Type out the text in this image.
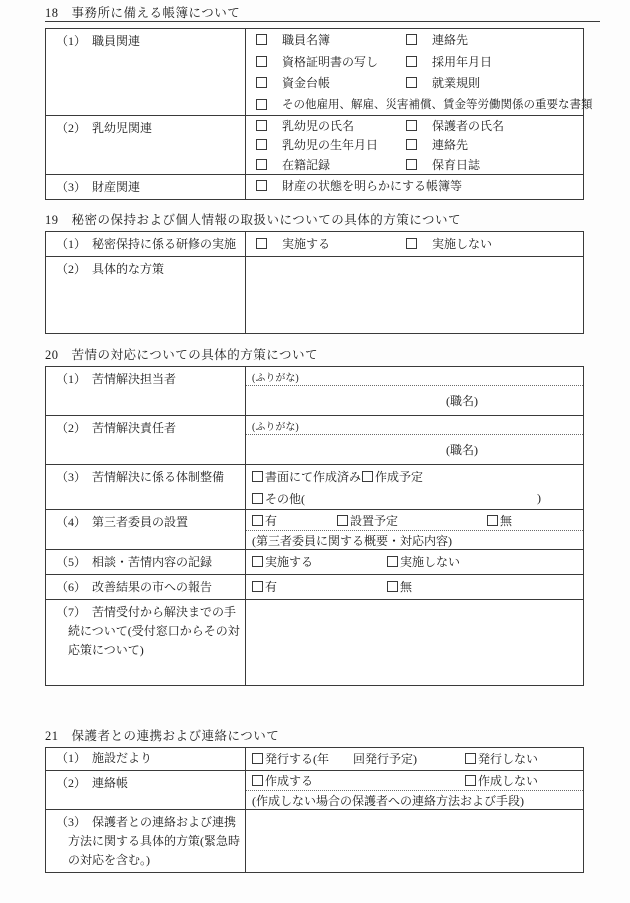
18　事務所に備える帳簿について
（1）　職員関連	職員名簿	連絡先
資格証明書の写し	採用年月日
資金台帳	就業規則
その他雇用、解雇、災害補償、賃金等労働関係の重要な書類
（2）　乳幼児関連	乳幼児の氏名	保護者の氏名
乳幼児の生年月日	連絡先
在籍記録	保育日誌
（3）　財産関連	財産の状態を明らかにする帳簿等
19　秘密の保持および個人情報の取扱いについての具体的方策について
（1）　秘密保持に係る研修の実施	実施する	実施しない
（2）　具体的な方策
20　苦情の対応についての具体的方策について
（1）　苦情解決担当者	(ふりがな)
(職名)
（2）　苦情解決責任者	(ふりがな)
(職名)
（3）　苦情解決に係る体制整備	書面にて作成済み 作成予定
その他(	)
（4）　第三者委員の設置	有	設置予定	無
(第三者委員に関する概要・対応内容)
（5）　相談・苦情内容の記録	実施する	実施しない
（6）　改善結果の市への報告	有	無
（7）　苦情受付から解決までの手続について(受付窓口からその対応策について)
21　保護者との連携および連絡について
（1）　施設だより	発行する(年　　回発行予定)	発行しない
（2）　連絡帳	作成する	作成しない
(作成しない場合の保護者への連絡方法および手段)
（3）　保護者との連絡および連携方法に関する具体的方策(緊急時の対応を含む。)
